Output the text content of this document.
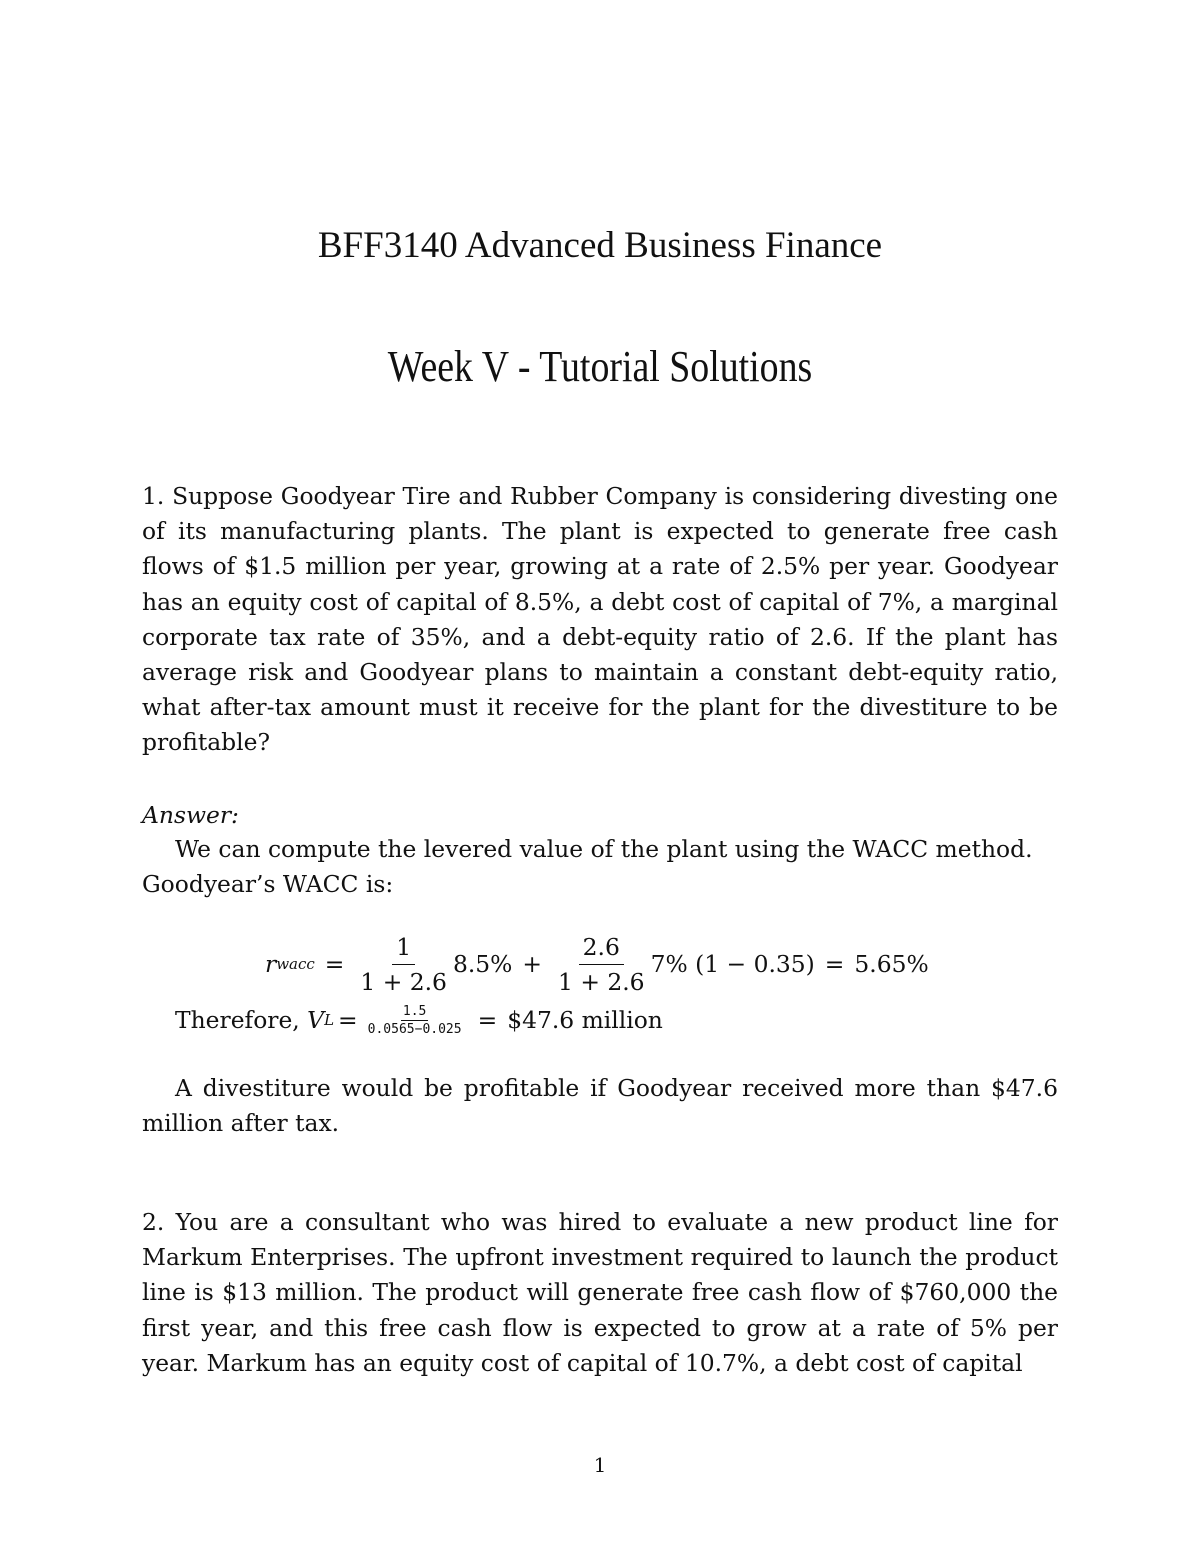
BFF3140 Advanced Business Finance
Week V - Tutorial Solutions

1. Suppose Goodyear Tire and Rubber Company is considering divesting one of its manufacturing plants. The plant is expected to generate free cash flows of $1.5 million per year, growing at a rate of 2.5% per year. Goodyear has an equity cost of capital of 8.5%, a debt cost of capital of 7%, a marginal corporate tax rate of 35%, and a debt-equity ratio of 2.6. If the plant has average risk and Goodyear plans to maintain a constant debt-equity ratio, what after-tax amount must it receive for the plant for the divestiture to be profitable?

Answer:

We can compute the levered value of the plant using the WACC method. Goodyear’s WACC is:

r wacc = $\frac{1}{1 + 2.6} 8.5\% + \frac{2.6}{1 + 2.6} 7\%$ (1 − 0.35) = 5.65%
Therefore,
V $L = \frac{1.5}{0.0565-0.025}$ = $47.6 million

A divestiture would be profitable if Goodyear received more than $47.6 million after tax.

2. You are a consultant who was hired to evaluate a new product line for Markum Enterprises. The upfront investment required to launch the product line is $13 million. The product will generate free cash flow of $760,000 the first year, and this free cash flow is expected to grow at a rate of 5% per year. Markum has an equity cost of capital of 10.7%, a debt cost of capital

1
